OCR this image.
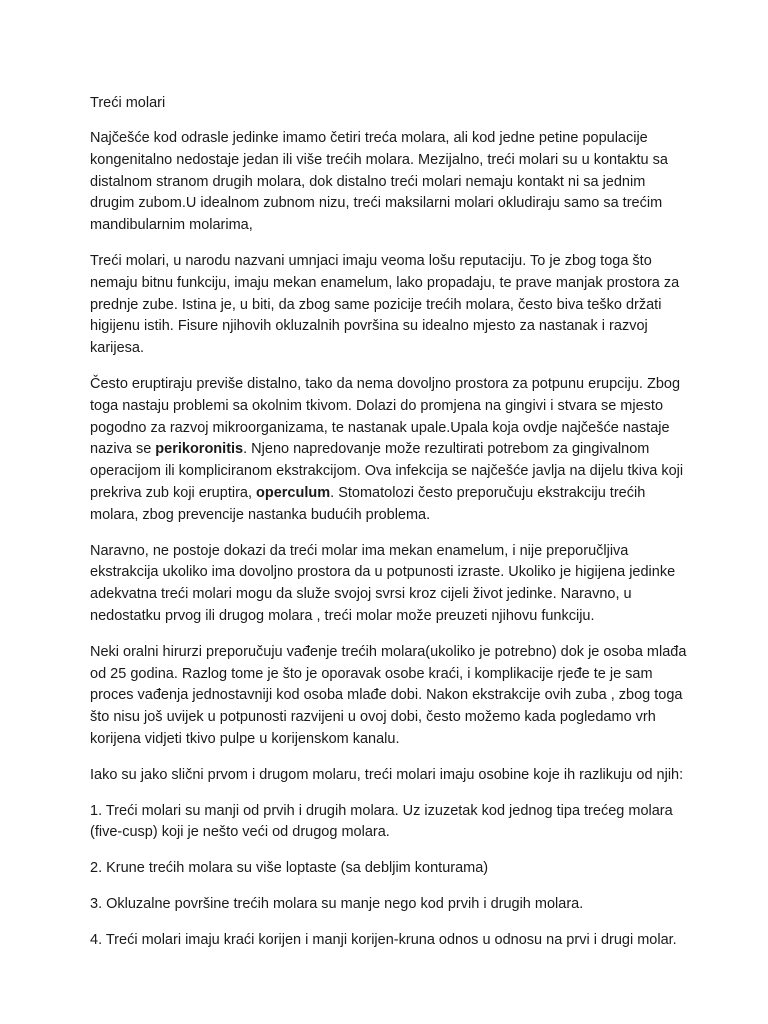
Treći molari

Najčešće kod odrasle jedinke imamo četiri treća molara, ali kod jedne petine populacije kongenitalno nedostaje jedan ili više trećih molara. Mezijalno, treći molari su u kontaktu sa distalnom stranom drugih molara, dok distalno treći molari nemaju kontakt ni sa jednim drugim zubom.U idealnom zubnom nizu, treći maksilarni molari okludiraju samo sa trećim mandibularnim molarima,

Treći molari, u narodu nazvani umnjaci imaju veoma lošu reputaciju. To je zbog toga što nemaju bitnu funkciju, imaju mekan enamelum, lako propadaju, te prave manjak prostora za prednje zube. Istina je, u biti, da zbog same pozicije trećih molara, često biva teško držati higijenu istih. Fisure njihovih okluzalnih površina su idealno mjesto za nastanak i razvoj karijesa.

Često eruptiraju previše distalno, tako da nema dovoljno prostora za potpunu erupciju. Zbog toga nastaju problemi sa okolnim tkivom. Dolazi do promjena na gingivi i stvara se mjesto pogodno za razvoj mikroorganizama, te nastanak upale.Upala koja ovdje najčešće nastaje naziva se perikoronitis. Njeno napredovanje može rezultirati potrebom za gingivalnom operacijom ili kompliciranom ekstrakcijom. Ova infekcija se najčešće javlja na dijelu tkiva koji prekriva zub koji eruptira, operculum. Stomatolozi često preporučuju ekstrakciju trećih molara, zbog prevencije nastanka budućih problema.

Naravno, ne postoje dokazi da treći molar ima mekan enamelum, i nije preporučljiva ekstrakcija ukoliko ima dovoljno prostora da u potpunosti izraste. Ukoliko je higijena jedinke adekvatna treći molari mogu da služe svojoj svrsi kroz cijeli život jedinke. Naravno, u nedostatku prvog ili drugog molara , treći molar može preuzeti njihovu funkciju.

Neki oralni hirurzi preporučuju vađenje trećih molara(ukoliko je potrebno) dok je osoba mlađa od 25 godina. Razlog tome je što je oporavak osobe kraći, i komplikacije rjeđe te je sam proces vađenja jednostavniji kod osoba mlađe dobi. Nakon ekstrakcije ovih zuba , zbog toga što nisu još uvijek u potpunosti razvijeni u ovoj dobi, često možemo kada pogledamo vrh korijena vidjeti tkivo pulpe u korijenskom kanalu.

Iako su jako slični prvom i drugom molaru, treći molari imaju osobine koje ih razlikuju od njih:

1. Treći molari su manji od prvih i drugih molara. Uz izuzetak kod jednog tipa trećeg molara (five-cusp) koji je nešto veći od drugog molara.

2. Krune trećih molara su više loptaste (sa debljim konturama)

3. Okluzalne površine trećih molara su manje nego kod prvih i drugih molara.

4. Treći molari imaju kraći korijen i manji korijen-kruna odnos u odnosu na prvi i drugi molar.
